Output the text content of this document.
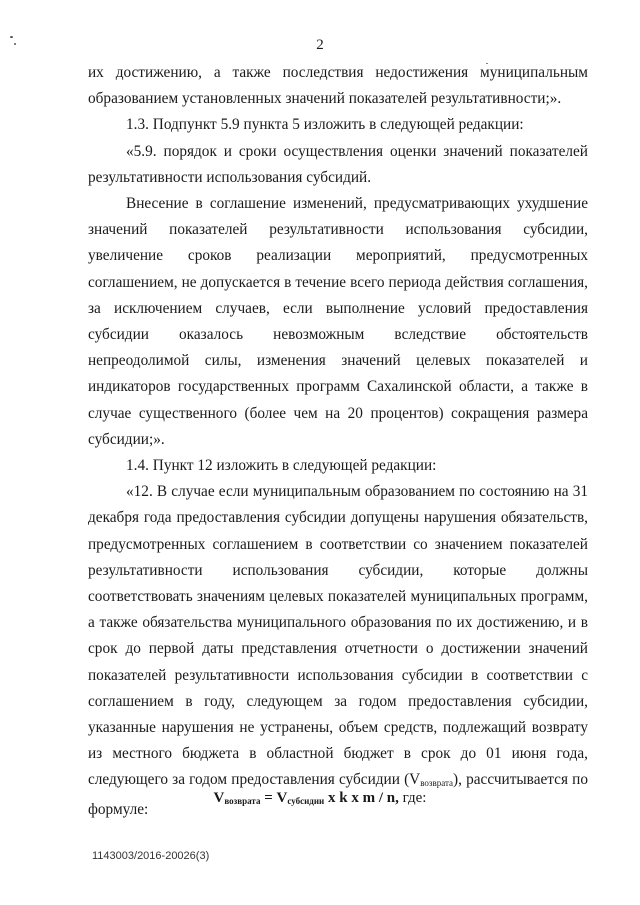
2

их достижению, а также последствия недостижения муниципальным образованием установленных значений показателей результативности;».

1.3. Подпункт 5.9 пункта 5 изложить в следующей редакции:

«5.9. порядок и сроки осуществления оценки значений показателей результативности использования субсидий.

Внесение в соглашение изменений, предусматривающих ухудшение значений показателей результативности использования субсидии, увеличение сроков реализации мероприятий, предусмотренных соглашением, не допускается в течение всего периода действия соглашения, за исключением случаев, если выполнение условий предоставления субсидии оказалось невозможным вследствие обстоятельств непреодолимой силы, изменения значений целевых показателей и индикаторов государственных программ Сахалинской области, а также в случае существенного (более чем на 20 процентов) сокращения размера субсидии;».

1.4. Пункт 12 изложить в следующей редакции:

«12. В случае если муниципальным образованием по состоянию на 31 декабря года предоставления субсидии допущены нарушения обязательств, предусмотренных соглашением в соответствии со значением показателей результативности использования субсидии, которые должны соответствовать значениям целевых показателей муниципальных программ, а также обязательства муниципального образования по их достижению, и в срок до первой даты представления отчетности о достижении значений показателей результативности использования субсидии в соответствии с соглашением в году, следующем за годом предоставления субсидии, указанные нарушения не устранены, объем средств, подлежащий возврату из местного бюджета в областной бюджет в срок до 01 июня года, следующего за годом предоставления субсидии $(V_{возврата})$, рассчитывается по формуле:

$V_{возврата} = V_{субсидии}$ x k x m / n, где:
1143003/2016-20026(3)
